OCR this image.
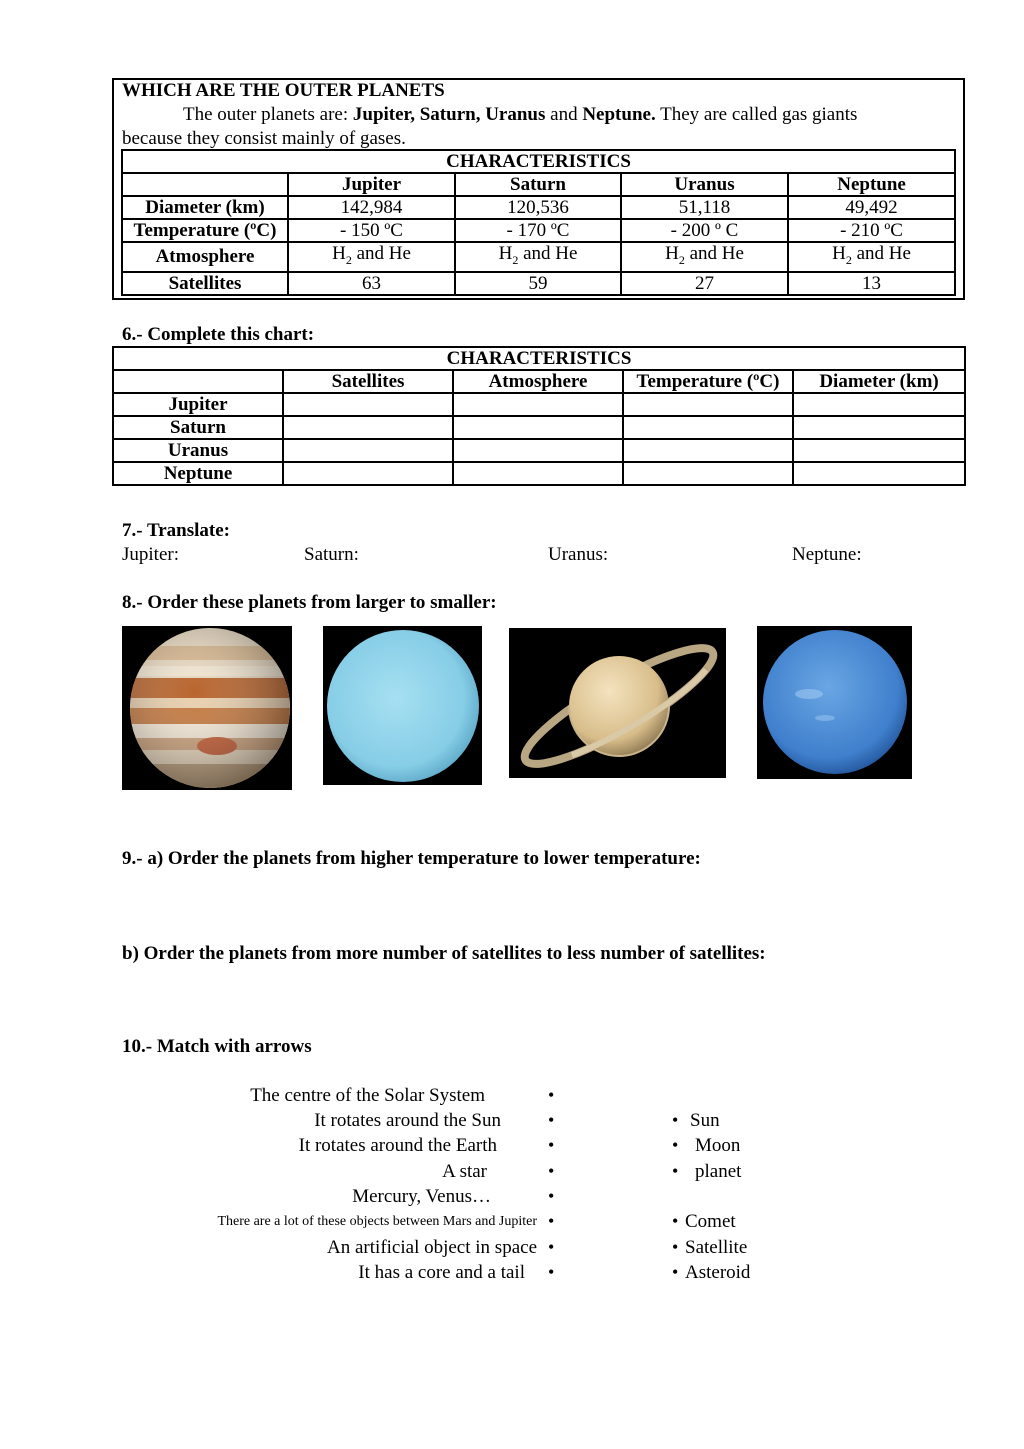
WHICH ARE THE OUTER PLANETS
The outer planets are: Jupiter, Saturn, Uranus and Neptune. They are called gas giants
because they consist mainly of gases.
CHARACTERISTICS				
	Jupiter	Saturn	Uranus	Neptune
Diameter (km)	142,984	120,536	51,118	49,492
Temperature (ºC)	- 150 ºC	- 170 ºC	- 200 º C	- 210 ºC
Atmosphere	$H_2$ and He	$H_2$ and He	$H_2$ and He	$H_2$ and He
Satellites	63	59	27	13
6.- Complete this chart:
CHARACTERISTICS				
	Satellites	Atmosphere	Temperature (ºC)	Diameter (km)
Jupiter				
Saturn				
Uranus				
Neptune				
7.- Translate:
Jupiter:	Saturn:	Uranus:	Neptune:
8.- Order these planets from larger to smaller:
9.- a) Order the planets from higher temperature to lower temperature:
b) Order the planets from more number of satellites to less number of satellites:
10.- Match with arrows
The centre of the Solar System
It rotates around the Sun
It rotates around the Earth
A star
Mercury, Venus…
There are a lot of these objects between Mars and Jupiter
An artificial object in space
It has a core and a tail
•
•
•
•
•
•
•
•
• Sun
• Moon
• planet
• Comet
• Satellite
• Asteroid
